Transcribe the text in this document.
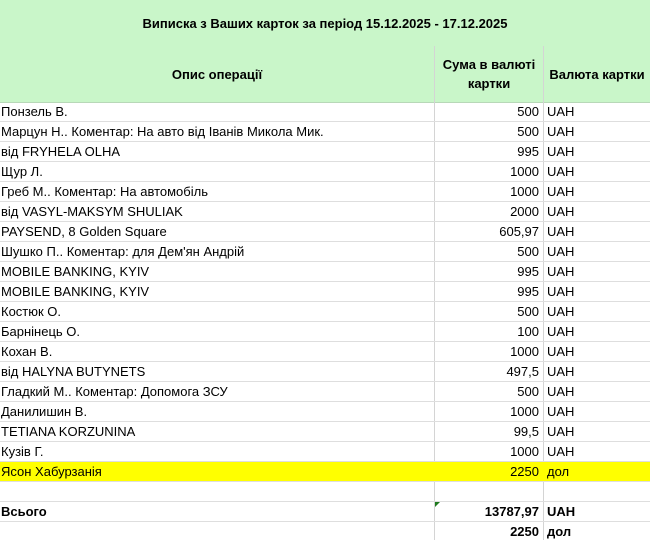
Виписка з Ваших карток за період 15.12.2025 - 17.12.2025
Опис операції
Сума в валюті картки
Валюта картки
Понзель В.	500 UAH
Марцун Н.. Коментар: На авто від Іванів Микола Мик.	500 UAH
від FRYHELA OLHA	995 UAH
Щур Л.	1000 UAH
Греб М.. Коментар: На автомобіль	1000 UAH
від VASYL-MAKSYM SHULIAK	2000 UAH
PAYSEND, 8 Golden Square	605,97 UAH
Шушко П.. Коментар: для Дем'ян Андрій	500 UAH
MOBILE BANKING, KYIV	995 UAH
MOBILE BANKING, KYIV	995 UAH
Костюк О.	500 UAH
Барнінець О.	100 UAH
Кохан В.	1000 UAH
від HALYNA BUTYNETS	497,5 UAH
Гладкий М.. Коментар: Допомога ЗСУ	500 UAH
Данилишин В.	1000 UAH
TETIANA KORZUNINA	99,5 UAH
Кузів Г.	1000 UAH
Ясон Хабурзанія	2250 дол
Всього	13787,97 UAH
2250 дол
